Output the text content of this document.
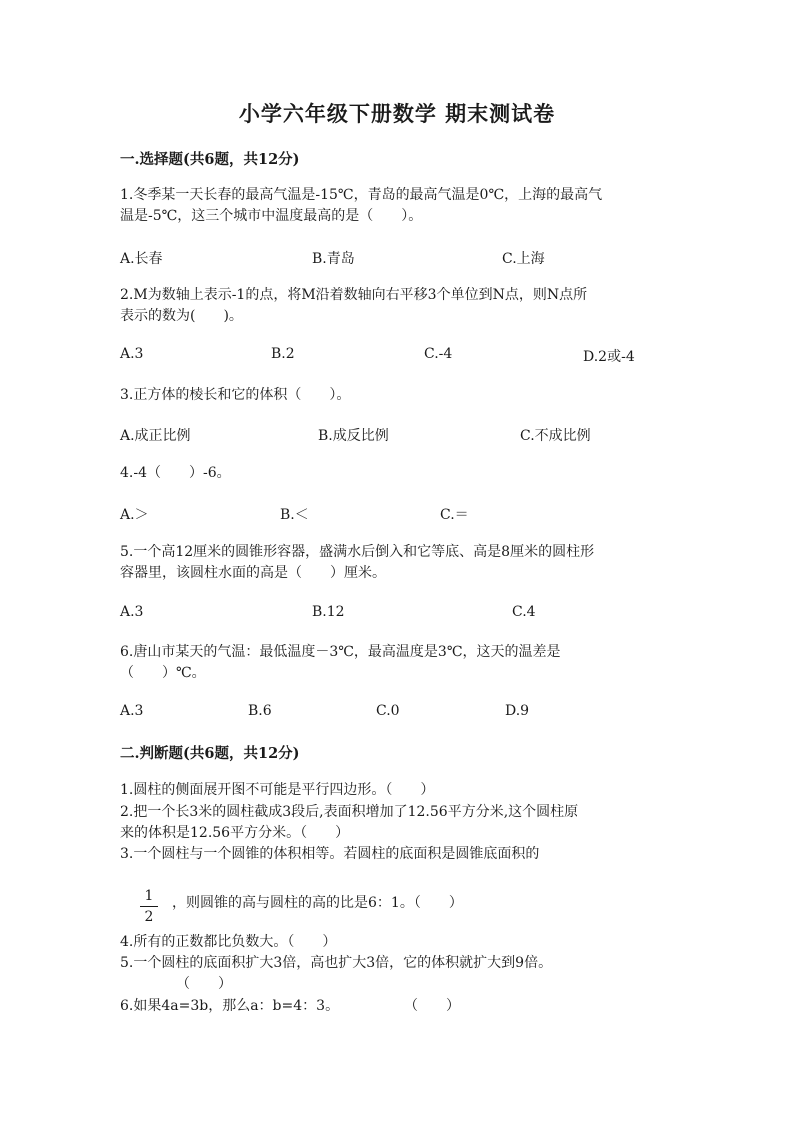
小学六年级下册数学 期末测试卷
一.选择题(共6题，共12分)
1.冬季某一天长春的最高气温是-15℃，青岛的最高气温是0℃，上海的最高气
温是-5℃，这三个城市中温度最高的是（　　）。
A.长春	B.青岛	C.上海
2.M为数轴上表示-1的点，将M沿着数轴向右平移3个单位到N点，则N点所
表示的数为(　　)。
A.3	B.2	C.-4	D.2或-4
3.正方体的棱长和它的体积（　　）。
A.成正比例	B.成反比例	C.不成比例
4.-4（　　）-6。
A.＞	B.＜	C.＝
5.一个高12厘米的圆锥形容器，盛满水后倒入和它等底、高是8厘米的圆柱形
容器里，该圆柱水面的高是（　　）厘米。
A.3	B.12	C.4
6.唐山市某天的气温：最低温度－3℃，最高温度是3℃，这天的温差是
（　　）℃。
A.3	B.6	C.0	D.9
二.判断题(共6题，共12分)
1.圆柱的侧面展开图不可能是平行四边形。（　　）
2.把一个长3米的圆柱截成3段后,表面积增加了12.56平方分米,这个圆柱原
来的体积是12.56平方分米。（　　）
3.一个圆柱与一个圆锥的体积相等。若圆柱的底面积是圆锥底面积的
1
2
，则圆锥的高与圆柱的高的比是6：1。（　　）
4.所有的正数都比负数大。（　　）
5.一个圆柱的底面积扩大3倍，高也扩大3倍，它的体积就扩大到9倍。
（　　）
6.如果4a=3b，那么a：b=4：3。	（　　）
